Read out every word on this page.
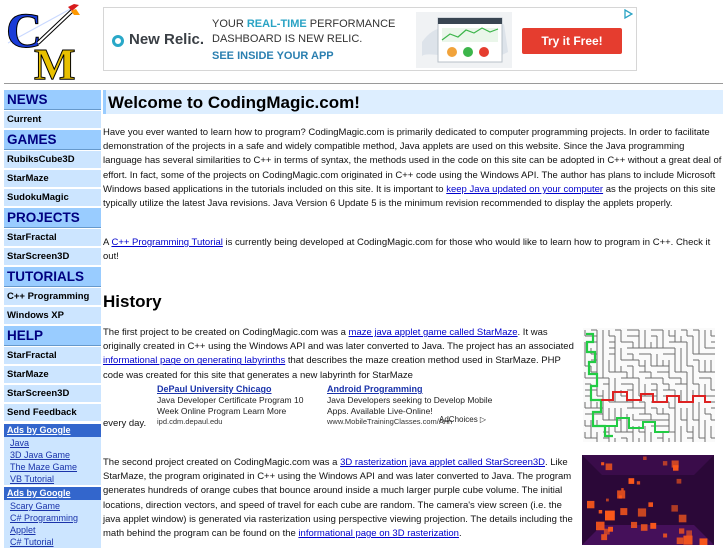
C
M
New Relic.
YOUR REAL-TIME PERFORMANCE
DASHBOARD IS NEW RELIC.
SEE INSIDE YOUR APP
Try it Free!
NEWS
Current
GAMES
RubiksCube3D
StarMaze
SudokuMagic
PROJECTS
StarFractal
StarScreen3D
TUTORIALS
C++ Programming
Windows XP
HELP
StarFractal
StarMaze
StarScreen3D
Send Feedback
Ads by Google
Java
3D Java Game
The Maze Game
VB Tutorial
Ads by Google
Scary Game
C# Programming
Applet
C# Tutorial
Welcome to CodingMagic.com!

Have you ever wanted to learn how to program? CodingMagic.com is primarily dedicated to computer programming projects. In order to facilitate demonstration of the projects in a safe and widely compatible method, Java applets are used on this website. Since the Java programming language has several similarities to C++ in terms of syntax, the methods used in the code on this site can be adopted in C++ without a great deal of effort. In fact, some of the projects on CodingMagic.com originated in C++ code using the Windows API. The author has plans to include Microsoft Windows based applications in the tutorials included on this site. It is important to keep Java updated on your computer as the projects on this site typically utilize the latest Java revisions. Java Version 6 Update 5 is the minimum revision recommended to display the applets properly.

A C++ Programming Tutorial is currently being developed at CodingMagic.com for those who would like to learn how to program in C++. Check it out!

History

The first project to be created on CodingMagic.com was a maze java applet game called StarMaze. It was originally created in C++ using the Windows API and was later converted to Java. The project has an associated informational page on generating labyrinths that describes the maze creation method used in StarMaze. PHP code was created for this site that generates a new labyrinth for StarMaze

The second project created on CodingMagic.com was a 3D rasterization java applet called StarScreen3D. Like StarMaze, the program originated in C++ using the Windows API and was later converted to Java. The program generates hundreds of orange cubes that bounce around inside a much larger purple cube volume. The initial locations, direction vectors, and speed of travel for each cube are random. The camera's view screen (i.e. the java applet window) is generated via rasterization using perspective viewing projection. The details including the math behind the program can be found on the informational page on 3D rasterization.

every day.
DePaul University Chicago
Java Developer Certificate Program 10 Week Online Program Learn More
ipd.cdm.depaul.edu
Android Programming
Java Developers seeking to Develop Mobile Apps. Available Live-Online!
www.MobileTrainingClasses.com/Ann
AdChoices ▷
